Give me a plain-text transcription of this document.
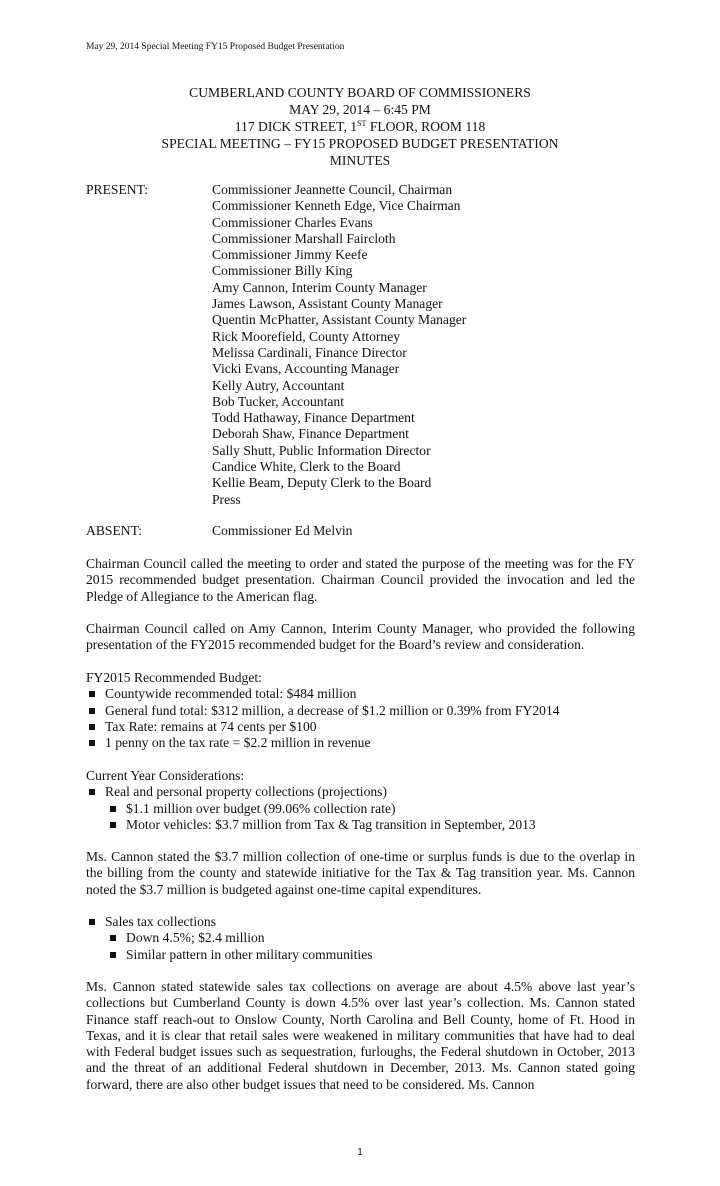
May 29, 2014 Special Meeting FY15 Proposed Budget Presentation
CUMBERLAND COUNTY BOARD OF COMMISSIONERS
MAY 29, 2014 – 6:45 PM
117 DICK STREET, 1ST FLOOR, ROOM 118
SPECIAL MEETING – FY15 PROPOSED BUDGET PRESENTATION
MINUTES
PRESENT:	Commissioner Jeannette Council, Chairman
Commissioner Kenneth Edge, Vice Chairman
Commissioner Charles Evans
Commissioner Marshall Faircloth
Commissioner Jimmy Keefe
Commissioner Billy King
Amy Cannon, Interim County Manager
James Lawson, Assistant County Manager
Quentin McPhatter, Assistant County Manager
Rick Moorefield, County Attorney
Melissa Cardinali, Finance Director
Vicki Evans, Accounting Manager
Kelly Autry, Accountant
Bob Tucker, Accountant
Todd Hathaway, Finance Department
Deborah Shaw, Finance Department
Sally Shutt, Public Information Director
Candice White, Clerk to the Board
Kellie Beam, Deputy Clerk to the Board
Press
ABSENT:	Commissioner Ed Melvin

Chairman Council called the meeting to order and stated the purpose of the meeting was for the FY 2015 recommended budget presentation. Chairman Council provided the invocation and led the Pledge of Allegiance to the American flag.

Chairman Council called on Amy Cannon, Interim County Manager, who provided the following presentation of the FY2015 recommended budget for the Board’s review and consideration.

FY2015 Recommended Budget:
Countywide recommended total: $484 million
General fund total: $312 million, a decrease of $1.2 million or 0.39% from FY2014
Tax Rate: remains at 74 cents per $100
1 penny on the tax rate = $2.2 million in revenue
Current Year Considerations:
Real and personal property collections (projections)
$1.1 million over budget (99.06% collection rate)
Motor vehicles: $3.7 million from Tax & Tag transition in September, 2013

Ms. Cannon stated the $3.7 million collection of one-time or surplus funds is due to the overlap in the billing from the county and statewide initiative for the Tax & Tag transition year. Ms. Cannon noted the $3.7 million is budgeted against one-time capital expenditures.

Sales tax collections
Down 4.5%; $2.4 million
Similar pattern in other military communities

Ms. Cannon stated statewide sales tax collections on average are about 4.5% above last year’s collections but Cumberland County is down 4.5% over last year’s collection. Ms. Cannon stated Finance staff reach-out to Onslow County, North Carolina and Bell County, home of Ft. Hood in Texas, and it is clear that retail sales were weakened in military communities that have had to deal with Federal budget issues such as sequestration, furloughs, the Federal shutdown in October, 2013 and the threat of an additional Federal shutdown in December, 2013. Ms. Cannon stated going forward, there are also other budget issues that need to be considered. Ms. Cannon

1
